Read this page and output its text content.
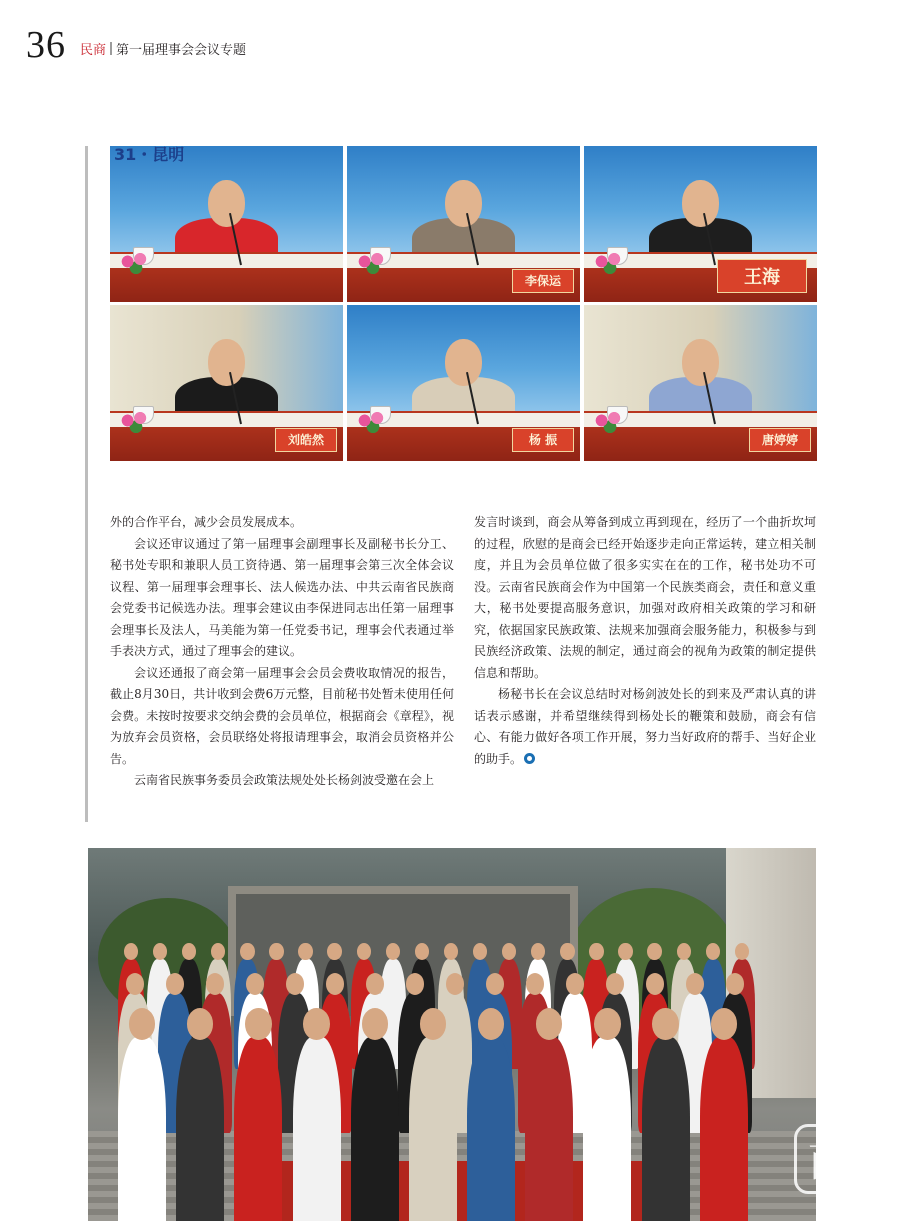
36 民商 第一届理事会会议专题
31・昆明
李保运	王海
刘皓然	杨 振	唐婷婷

外的合作平台，减少会员发展成本。

会议还审议通过了第一届理事会副理事长及副秘书长分工、秘书处专职和兼职人员工资待遇、第一届理事会第三次全体会议议程、第一届理事会理事长、法人候选办法、中共云南省民族商会党委书记候选办法。理事会建议由李保进同志出任第一届理事会理事长及法人，马美能为第一任党委书记，理事会代表通过举手表决方式，通过了理事会的建议。

会议还通报了商会第一届理事会会员会费收取情况的报告，截止8月30日，共计收到会费6万元整，目前秘书处暂未使用任何会费。未按时按要求交纳会费的会员单位，根据商会《章程》，视为放弃会员资格，会员联络处将报请理事会，取消会员资格并公告。

云南省民族事务委员会政策法规处处长杨剑波受邀在会上

发言时谈到，商会从筹备到成立再到现在，经历了一个曲折坎坷的过程，欣慰的是商会已经开始逐步走向正常运转，建立相关制度，并且为会员单位做了很多实实在在的工作，秘书处功不可没。云南省民族商会作为中国第一个民族类商会，责任和意义重大，秘书处要提高服务意识，加强对政府相关政策的学习和研究，依据国家民族政策、法规来加强商会服务能力，积极参与到民族经济政策、法规的制定，通过商会的视角为政策的制定提供信息和帮助。

杨秘书长在会议总结时对杨剑波处长的到来及严肃认真的讲话表示感谢，并希望继续得到杨处长的鞭策和鼓励，商会有信心、有能力做好各项工作开展，努力当好政府的帮手、当好企业的助手。

商
